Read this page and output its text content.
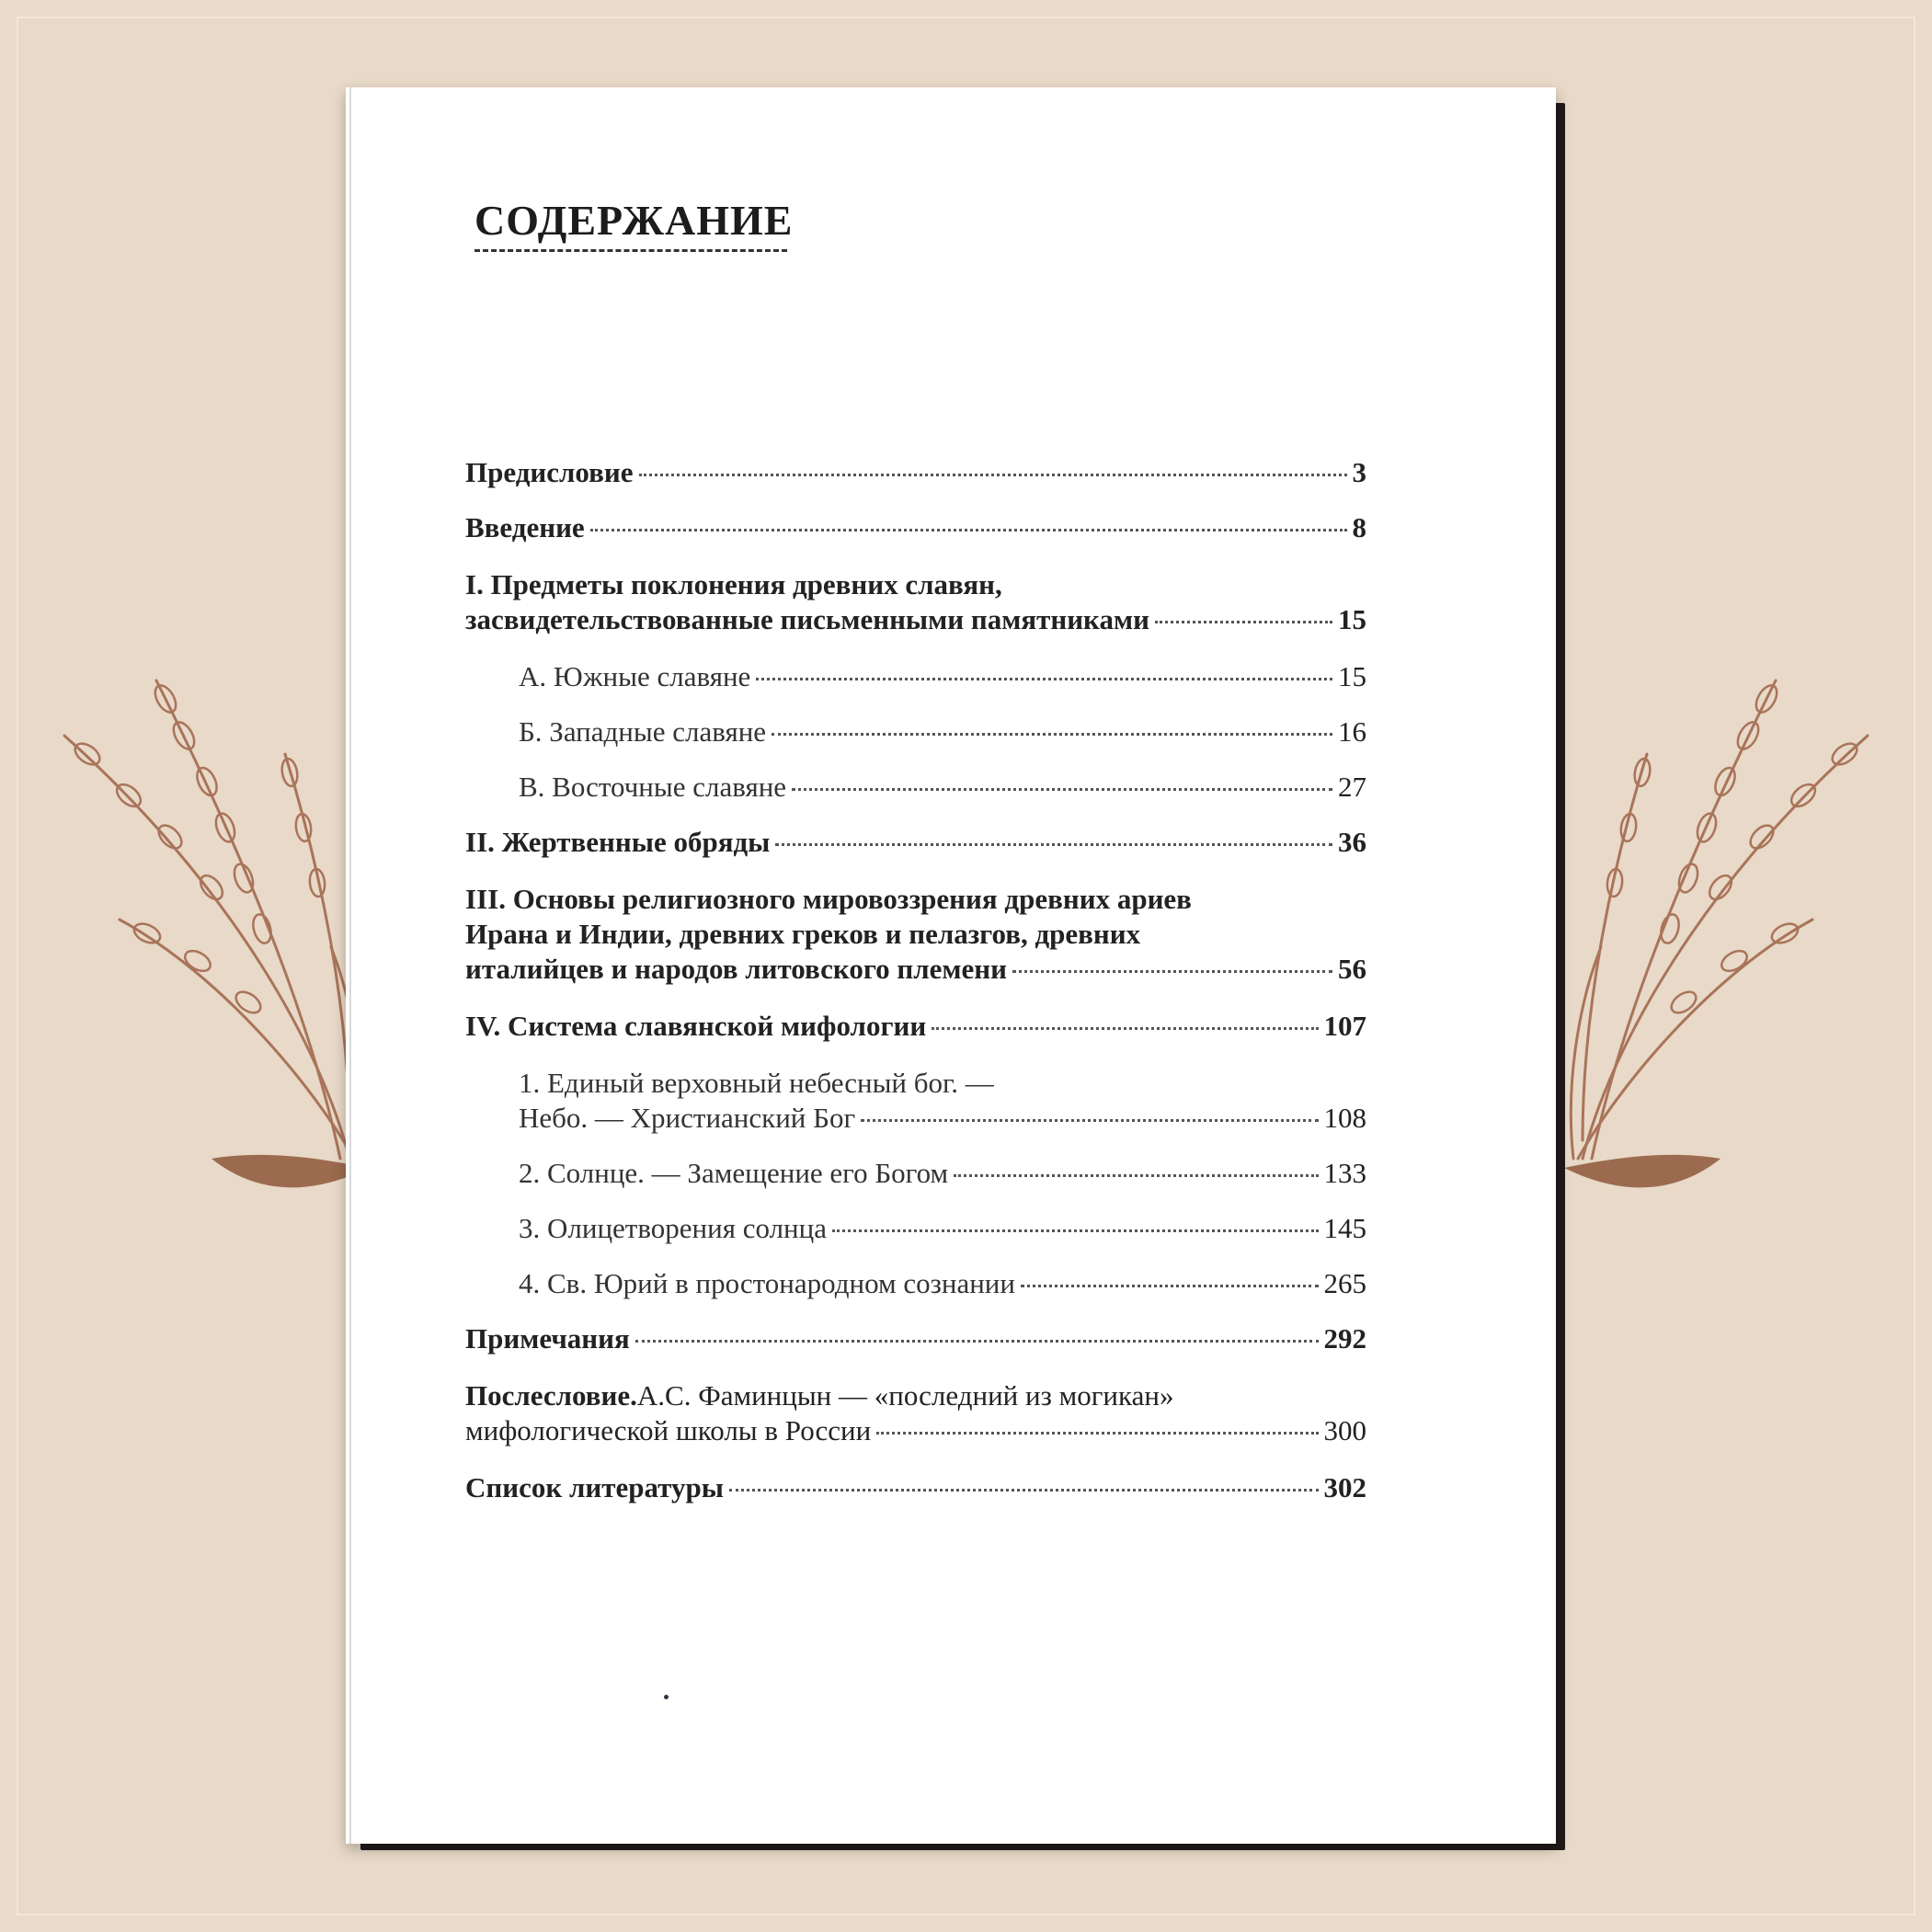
СОДЕРЖАНИЕ
Предисловие	3
Введение	8
I. Предметы поклонения древних славян,
засвидетельствованные письменными памятниками	15
А. Южные славяне	15
Б. Западные славяне	16
В. Восточные славяне	27
II. Жертвенные обряды	36
III. Основы религиозного мировоззрения древних ариев
Ирана и Индии, древних греков и пелазгов, древних
италийцев и народов литовского племени	56
IV. Система славянской мифологии	107
1. Единый верховный небесный бог. —
Небо. — Христианский Бог	108
2. Солнце. — Замещение его Богом	133
3. Олицетворения солнца	145
4. Св. Юрий в простонародном сознании	265
Примечания	292
Послесловие. А.С. Фаминцын — «последний из могикан»
мифологической школы в России	300
Список литературы	302
